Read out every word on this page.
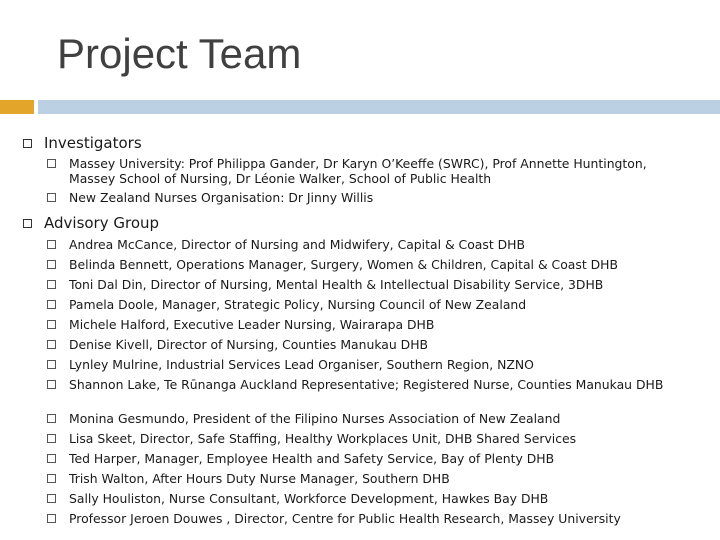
Project Team
Investigators
Massey University: Prof Philippa Gander, Dr Karyn O’Keeffe (SWRC), Prof Annette Huntington, Massey School of Nursing, Dr Léonie Walker, School of Public Health
New Zealand Nurses Organisation: Dr Jinny Willis
Advisory Group
Andrea McCance, Director of Nursing and Midwifery, Capital & Coast DHB
Belinda Bennett, Operations Manager, Surgery, Women & Children, Capital & Coast DHB
Toni Dal Din, Director of Nursing, Mental Health & Intellectual Disability Service, 3DHB
Pamela Doole, Manager, Strategic Policy, Nursing Council of New Zealand
Michele Halford, Executive Leader Nursing, Wairarapa DHB
Denise Kivell, Director of Nursing, Counties Manukau DHB
Lynley Mulrine, Industrial Services Lead Organiser, Southern Region, NZNO
Shannon Lake, Te Rūnanga Auckland Representative; Registered Nurse, Counties Manukau DHB
Monina Gesmundo, President of the Filipino Nurses Association of New Zealand
Lisa Skeet, Director, Safe Staffing, Healthy Workplaces Unit, DHB Shared Services
Ted Harper, Manager, Employee Health and Safety Service, Bay of Plenty DHB
Trish Walton, After Hours Duty Nurse Manager, Southern DHB
Sally Houliston, Nurse Consultant, Workforce Development, Hawkes Bay DHB
Professor Jeroen Douwes , Director, Centre for Public Health Research, Massey University
